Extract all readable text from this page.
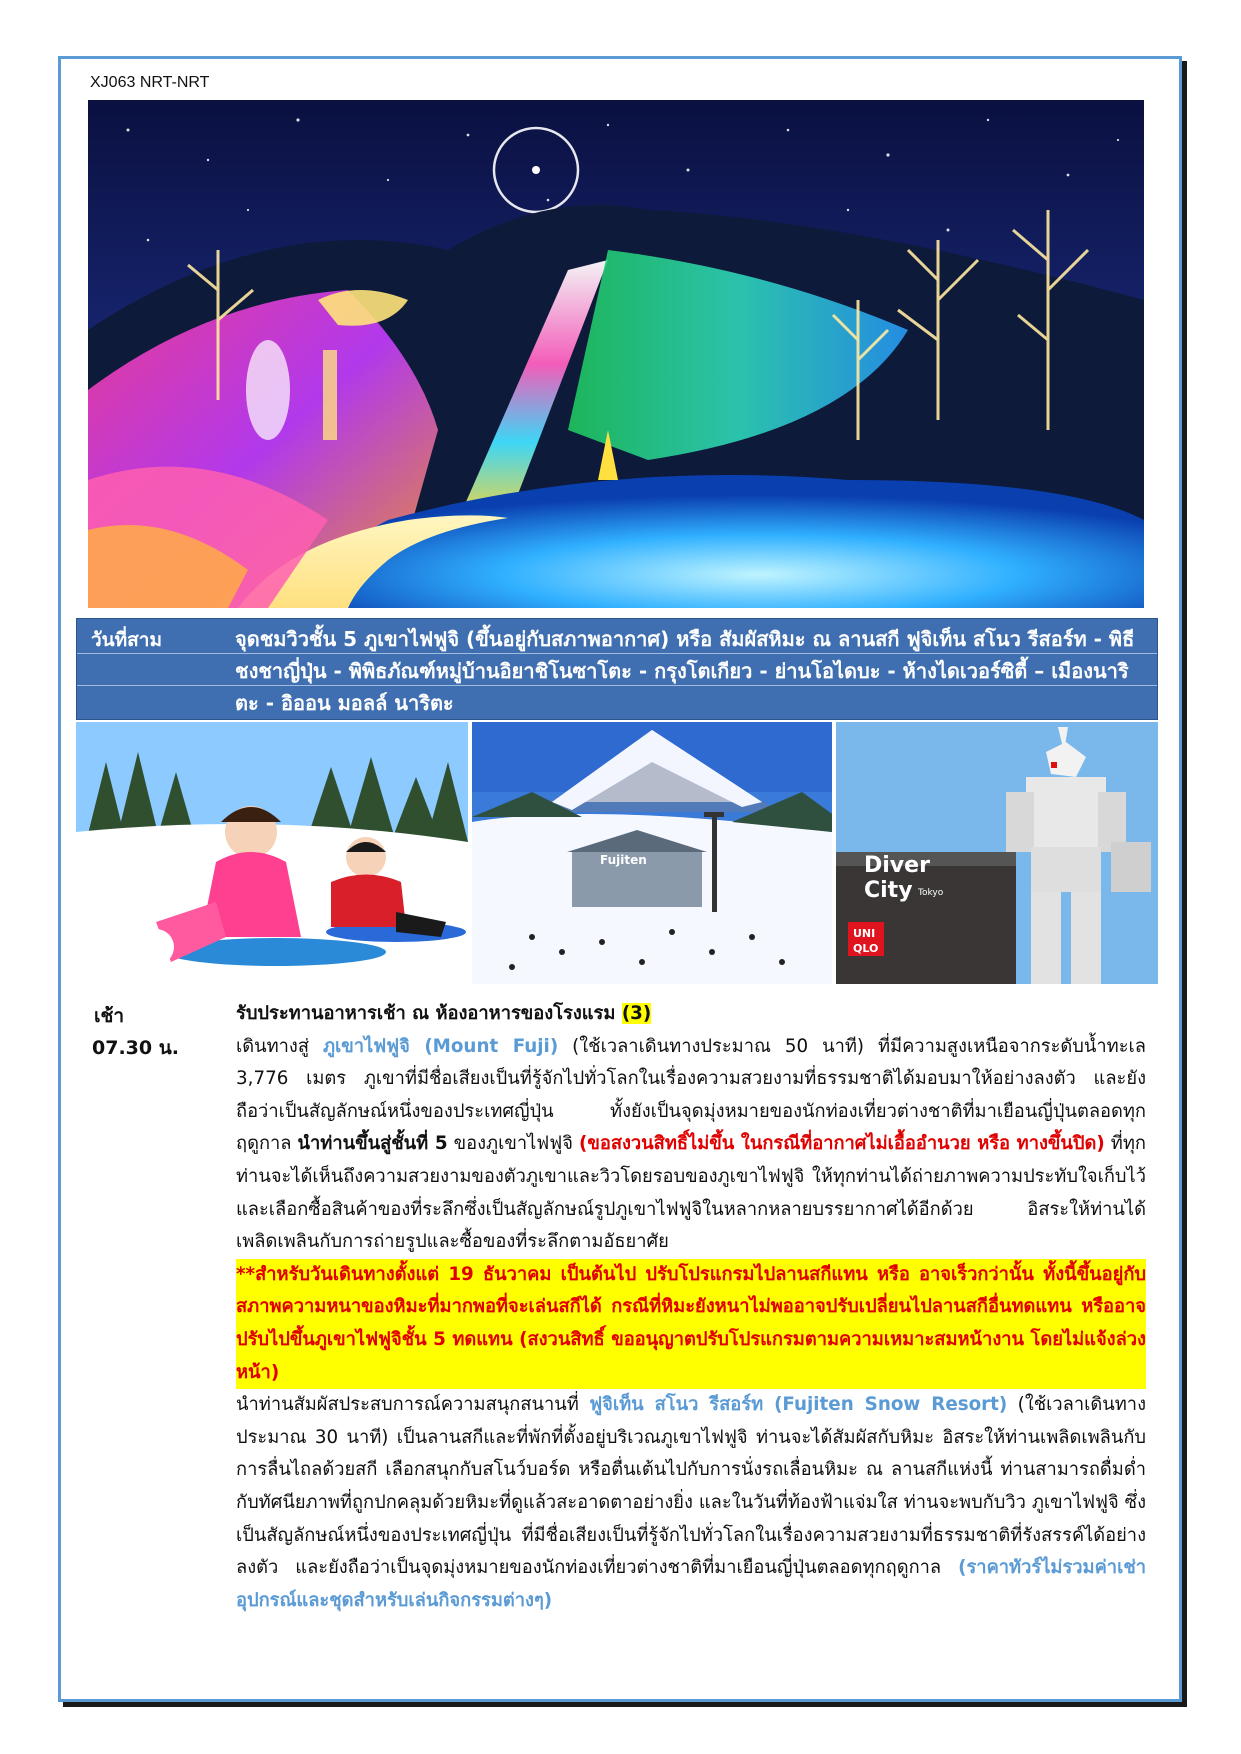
XJ063 NRT-NRT
วันที่สาม	จุดชมวิวชั้น 5 ภูเขาไฟฟูจิ (ขึ้นอยู่กับสภาพอากาศ) หรือ สัมผัสหิมะ ณ ลานสกี ฟูจิเท็น สโนว รีสอร์ท - พิธีชงชาญี่ปุ่น - พิพิธภัณฑ์หมู่บ้านอิยาชิโนซาโตะ - กรุงโตเกียว - ย่านโอไดบะ - ห้างไดเวอร์ซิตี้ – เมืองนาริตะ - อิออน มอลล์ นาริตะ
Fujiten	Diver
City Tokyo
UNI
QLO
เช้า
07.30 น.

รับประทานอาหารเช้า ณ ห้องอาหารของโรงแรม (3)

เดินทางสู่ ภูเขาไฟฟูจิ (Mount Fuji) (ใช้เวลาเดินทางประมาณ 50 นาที) ที่มีความสูงเหนือจากระดับน้ำทะเล 3,776 เมตร ภูเขาที่มีชื่อเสียงเป็นที่รู้จักไปทั่วโลกในเรื่องความสวยงามที่ธรรมชาติได้มอบมาให้อย่างลงตัว และยังถือว่าเป็นสัญลักษณ์หนึ่งของประเทศญี่ปุ่น ทั้งยังเป็นจุดมุ่งหมายของนักท่องเที่ยวต่างชาติที่มาเยือนญี่ปุ่นตลอดทุกฤดูกาล นำท่านขึ้นสู่ชั้นที่ 5 ของภูเขาไฟฟูจิ (ขอสงวนสิทธิ์ไม่ขึ้น ในกรณีที่อากาศไม่เอื้ออำนวย หรือ ทางขึ้นปิด) ที่ทุกท่านจะได้เห็นถึงความสวยงามของตัวภูเขาและวิวโดยรอบของภูเขาไฟฟูจิ ให้ทุกท่านได้ถ่ายภาพความประทับใจเก็บไว้และเลือกซื้อสินค้าของที่ระลึกซึ่งเป็นสัญลักษณ์รูปภูเขาไฟฟูจิในหลากหลายบรรยากาศได้อีกด้วย อิสระให้ท่านได้เพลิดเพลินกับการถ่ายรูปและซื้อของที่ระลึกตามอัธยาศัย

**สำหรับวันเดินทางตั้งแต่ 19 ธันวาคม เป็นต้นไป ปรับโปรแกรมไปลานสกีแทน หรือ อาจเร็วกว่านั้น ทั้งนี้ขึ้นอยู่กับสภาพความหนาของหิมะที่มากพอที่จะเล่นสกีได้ กรณีที่หิมะยังหนาไม่พออาจปรับเปลี่ยนไปลานสกีอื่นทดแทน หรืออาจปรับไปขึ้นภูเขาไฟฟูจิชั้น 5 ทดแทน (สงวนสิทธิ์ ขออนุญาตปรับโปรแกรมตามความเหมาะสมหน้างาน โดยไม่แจ้งล่วงหน้า)

นำท่านสัมผัสประสบการณ์ความสนุกสนานที่ ฟูจิเท็น สโนว รีสอร์ท (Fujiten Snow Resort) (ใช้เวลาเดินทางประมาณ 30 นาที) เป็นลานสกีและที่พักที่ตั้งอยู่บริเวณภูเขาไฟฟูจิ ท่านจะได้สัมผัสกับหิมะ อิสระให้ท่านเพลิดเพลินกับการลื่นไถลด้วยสกี เลือกสนุกกับสโนว์บอร์ด หรือตื่นเต้นไปกับการนั่งรถเลื่อนหิมะ ณ ลานสกีแห่งนี้ ท่านสามารถดื่มด่ำกับทัศนียภาพที่ถูกปกคลุมด้วยหิมะที่ดูแล้วสะอาดตาอย่างยิ่ง และในวันที่ท้องฟ้าแจ่มใส ท่านจะพบกับวิว ภูเขาไฟฟูจิ ซึ่งเป็นสัญลักษณ์หนึ่งของประเทศญี่ปุ่น ที่มีชื่อเสียงเป็นที่รู้จักไปทั่วโลกในเรื่องความสวยงามที่ธรรมชาติที่รังสรรค์ได้อย่างลงตัว และยังถือว่าเป็นจุดมุ่งหมายของนักท่องเที่ยวต่างชาติที่มาเยือนญี่ปุ่นตลอดทุกฤดูกาล (ราคาทัวร์ไม่รวมค่าเช่าอุปกรณ์และชุดสำหรับเล่นกิจกรรมต่างๆ)
